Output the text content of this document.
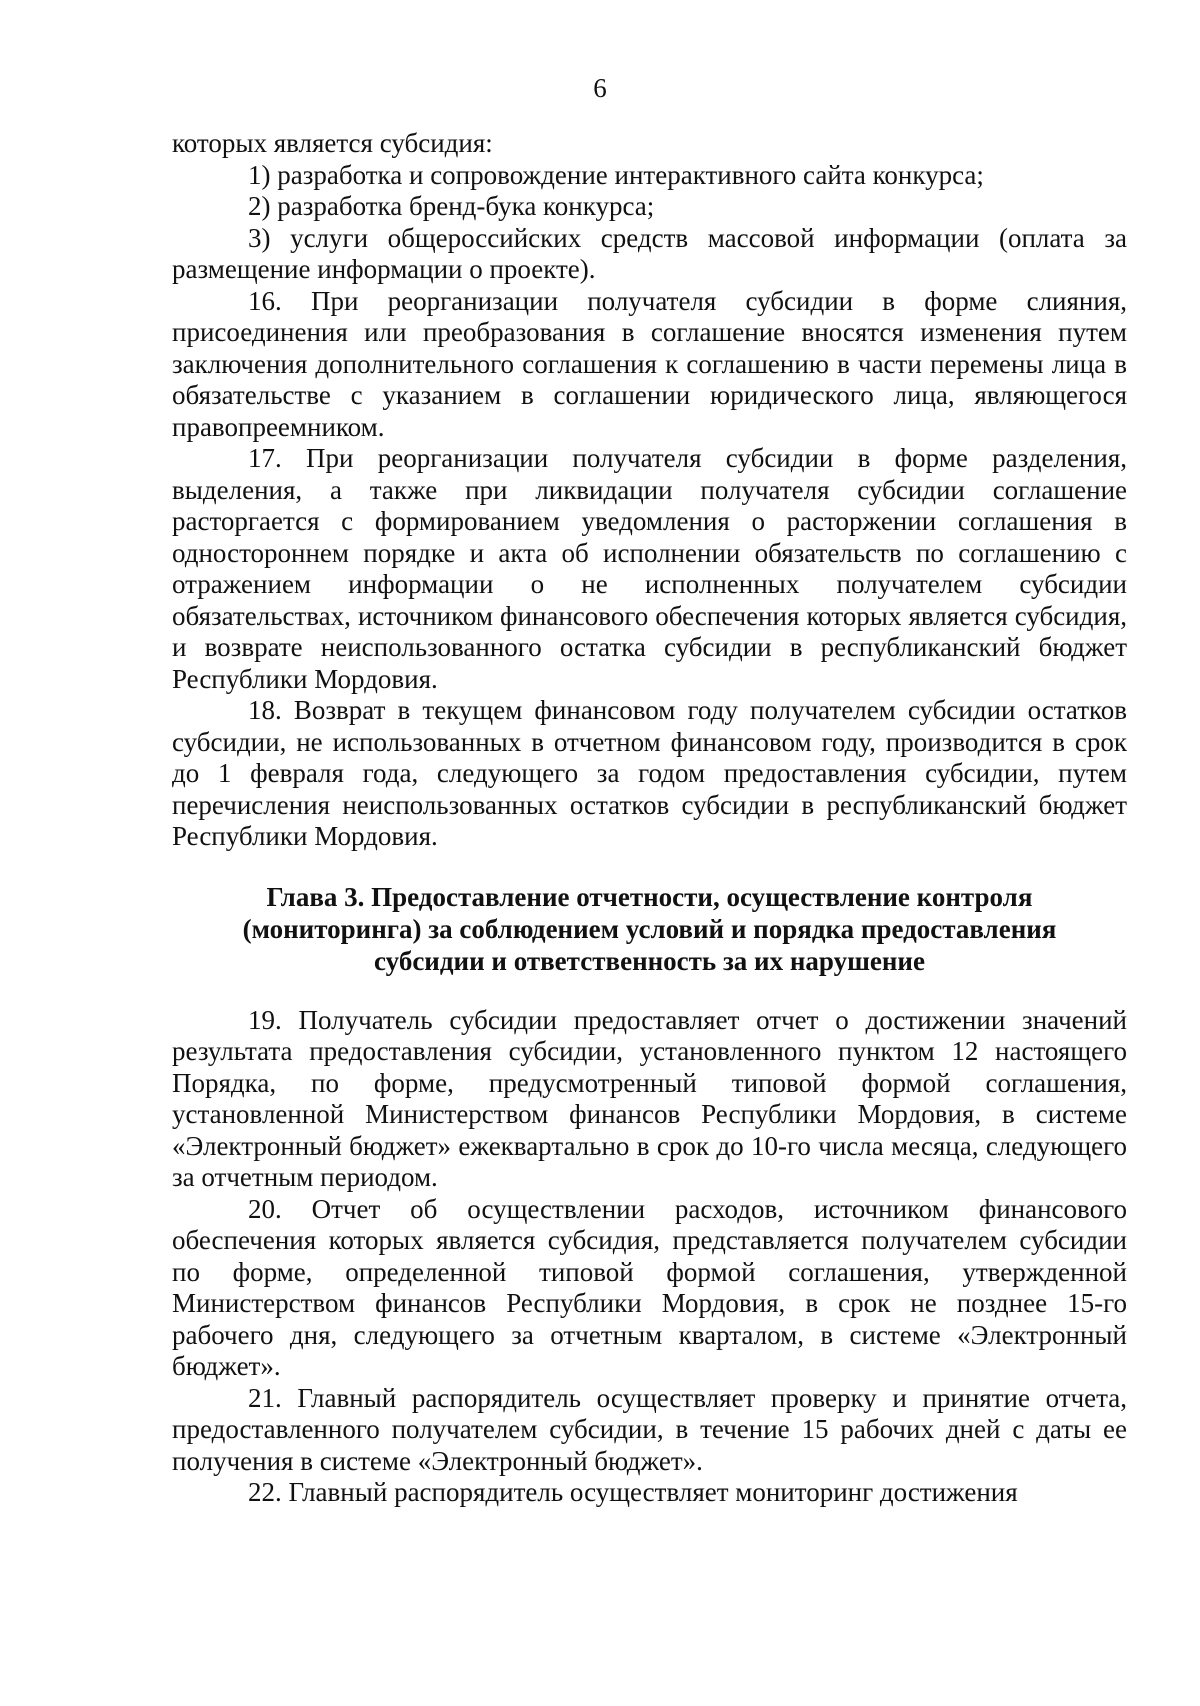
6

которых является субсидия:

1) разработка и сопровождение интерактивного сайта конкурса;

2) разработка бренд-бука конкурса;

3) услуги общероссийских средств массовой информации (оплата за размещение информации о проекте).

16. При реорганизации получателя субсидии в форме слияния, присоединения или преобразования в соглашение вносятся изменения путем заключения дополнительного соглашения к соглашению в части перемены лица в обязательстве с указанием в соглашении юридического лица, являющегося правопреемником.

17. При реорганизации получателя субсидии в форме разделения, выделения, а также при ликвидации получателя субсидии соглашение расторгается с формированием уведомления о расторжении соглашения в одностороннем порядке и акта об исполнении обязательств по соглашению с отражением информации о не исполненных получателем субсидии обязательствах, источником финансового обеспечения которых является субсидия, и возврате неиспользованного остатка субсидии в республиканский бюджет Республики Мордовия.

18. Возврат в текущем финансовом году получателем субсидии остатков субсидии, не использованных в отчетном финансовом году, производится в срок до 1 февраля года, следующего за годом предоставления субсидии, путем перечисления неиспользованных остатков субсидии в республиканский бюджет Республики Мордовия.

Глава 3. Предоставление отчетности, осуществление контроля (мониторинга) за соблюдением условий и порядка предоставления субсидии и ответственность за их нарушение

19. Получатель субсидии предоставляет отчет о достижении значений результата предоставления субсидии, установленного пунктом 12 настоящего Порядка, по форме, предусмотренный типовой формой соглашения, установленной Министерством финансов Республики Мордовия, в системе «Электронный бюджет» ежеквартально в срок до 10-го числа месяца, следующего за отчетным периодом.

20. Отчет об осуществлении расходов, источником финансового обеспечения которых является субсидия, представляется получателем субсидии по форме, определенной типовой формой соглашения, утвержденной Министерством финансов Республики Мордовия, в срок не позднее 15-го рабочего дня, следующего за отчетным кварталом, в системе «Электронный бюджет».

21. Главный распорядитель осуществляет проверку и принятие отчета, предоставленного получателем субсидии, в течение 15 рабочих дней с даты ее получения в системе «Электронный бюджет».

22. Главный распорядитель осуществляет мониторинг достижения
